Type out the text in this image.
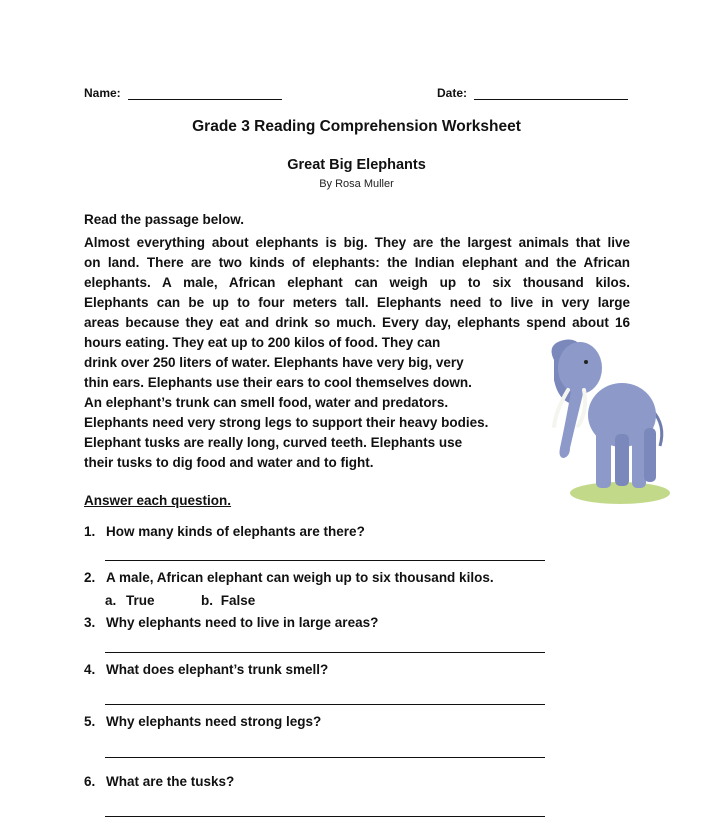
Name:	Date:
Grade 3 Reading Comprehension Worksheet
Great Big Elephants
By Rosa Muller
Read the passage below.
Almost everything about elephants is big. They are the largest animals that live
on land. There are two kinds of elephants: the Indian elephant and the African
elephants. A male, African elephant can weigh up to six thousand kilos.
Elephants can be up to four meters tall. Elephants need to live in very large
areas because they eat and drink so much. Every day, elephants spend about 16
hours eating. They eat up to 200 kilos of food. They can
drink over 250 liters of water. Elephants have very big, very
thin ears. Elephants use their ears to cool themselves down.
An elephant’s trunk can smell food, water and predators.
Elephants need very strong legs to support their heavy bodies.
Elephant tusks are really long, curved teeth. Elephants use
their tusks to dig food and water and to fight.
Answer each question.
1. How many kinds of elephants are there?
2. A male, African elephant can weigh up to six thousand kilos.
a. True	b. False
3. Why elephants need to live in large areas?
4. What does elephant’s trunk smell?
5. Why elephants need strong legs?
6. What are the tusks?
